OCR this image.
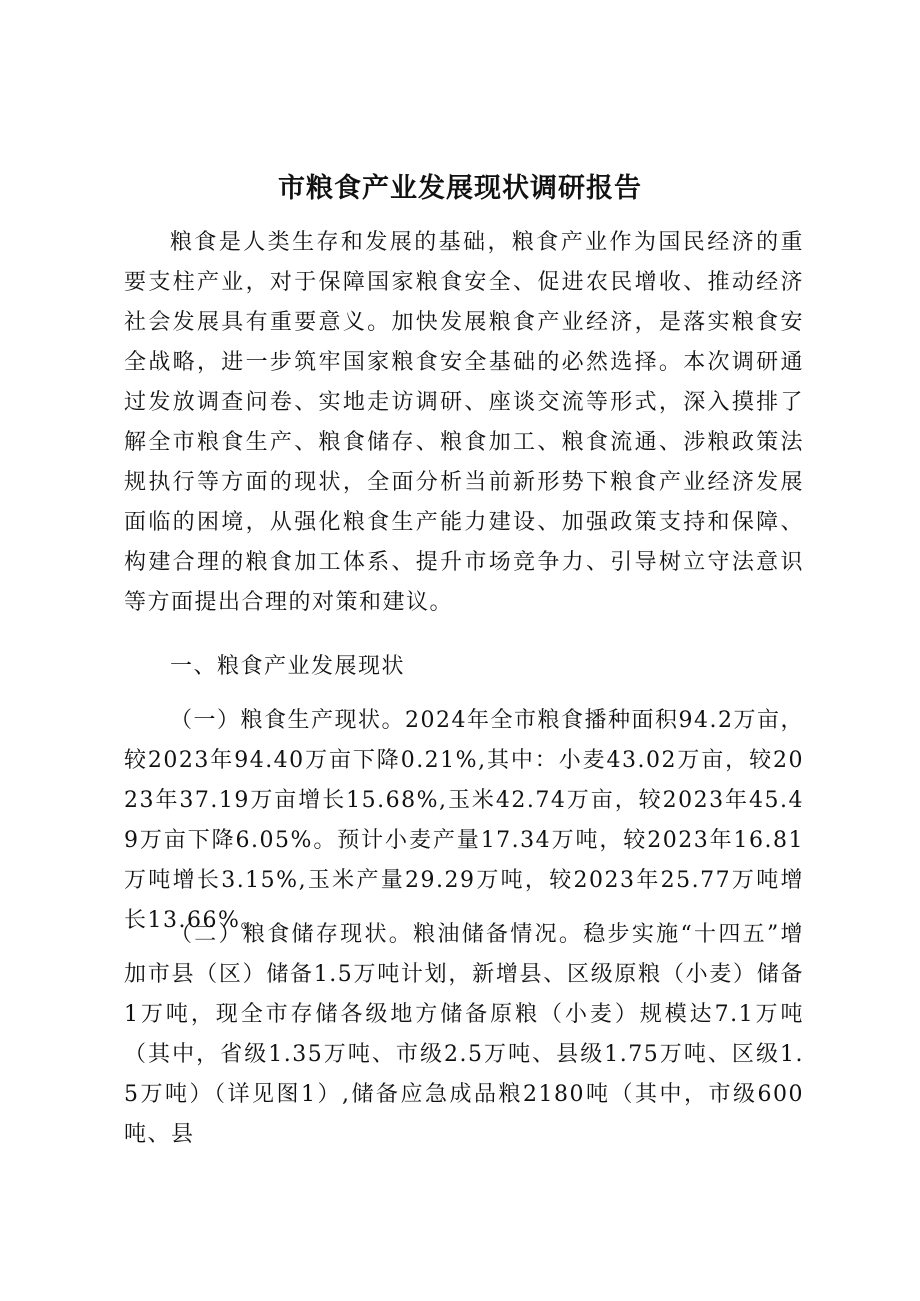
市粮食产业发展现状调研报告

粮食是人类生存和发展的基础，粮食产业作为国民经济的重要支柱产业，对于保障国家粮食安全、促进农民增收、推动经济社会发展具有重要意义。加快发展粮食产业经济，是落实粮食安全战略，进一步筑牢国家粮食安全基础的必然选择。本次调研通过发放调查问卷、实地走访调研、座谈交流等形式，深入摸排了解全市粮食生产、粮食储存、粮食加工、粮食流通、涉粮政策法规执行等方面的现状，全面分析当前新形势下粮食产业经济发展面临的困境，从强化粮食生产能力建设、加强政策支持和保障、构建合理的粮食加工体系、提升市场竞争力、引导树立守法意识等方面提出合理的对策和建议。

一、粮食产业发展现状

（一）粮食生产现状。2024年全市粮食播种面积94.2万亩，较2023年94.40万亩下降0.21%,其中：小麦43.02万亩，较2023年37.19万亩增长15.68%,玉米42.74万亩，较2023年45.49万亩下降6.05%。预计小麦产量17.34万吨，较2023年16.81万吨增长3.15%,玉米产量29.29万吨，较2023年25.77万吨增长13.66%。

（二）粮食储存现状。粮油储备情况。稳步实施“十四五”增加市县（区）储备1.5万吨计划，新增县、区级原粮（小麦）储备1万吨，现全市存储各级地方储备原粮（小麦）规模达7.1万吨（其中，省级1.35万吨、市级2.5万吨、县级1.75万吨、区级1.5万吨）（详见图1）,储备应急成品粮2180吨（其中，市级600吨、县
